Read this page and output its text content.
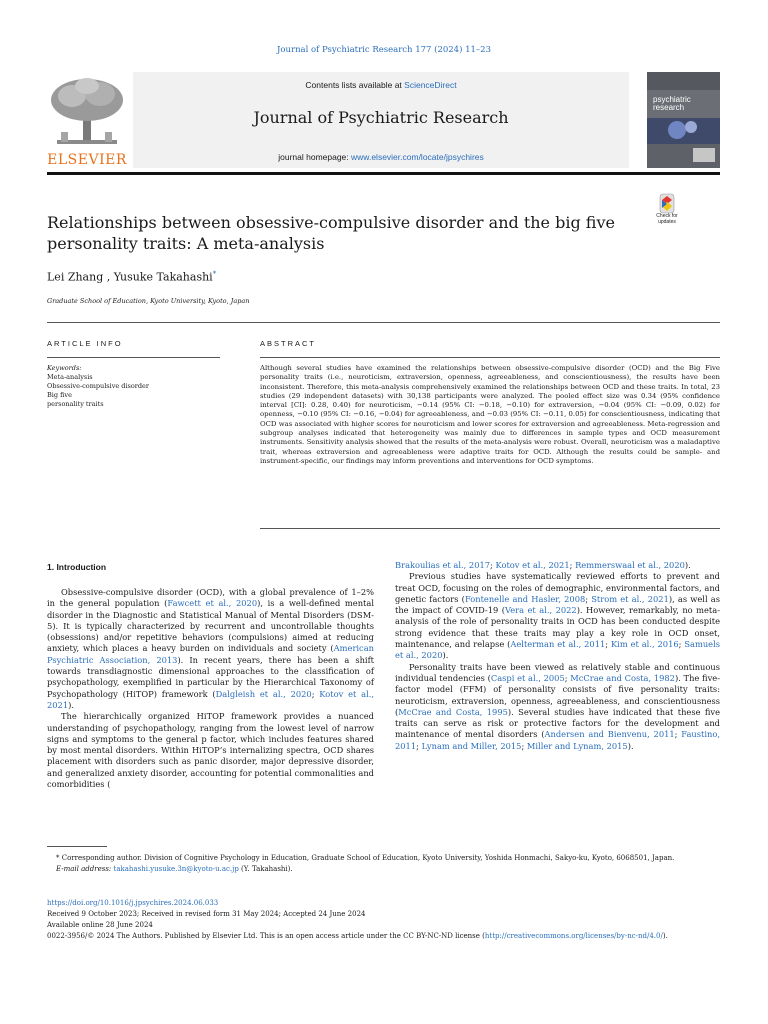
Journal of Psychiatric Research 177 (2024) 11–23
ELSEVIER
Contents lists available at ScienceDirect
Journal of Psychiatric Research
journal homepage: www.elsevier.com/locate/jpsychires
psychiatric research
Relationships between obsessive-compulsive disorder and the big five personality traits: A meta-analysis
Check for updates
Lei Zhang , Yusuke Takahashi*
Graduate School of Education, Kyoto University, Kyoto, Japan
ARTICLE INFO	ABSTRACT
Keywords:
Meta-analysis
Obsessive-compulsive disorder
Big five
personality traits
Although several studies have examined the relationships between obsessive-compulsive disorder (OCD) and the Big Five personality traits (i.e., neuroticism, extraversion, openness, agreeableness, and conscientiousness), the results have been inconsistent. Therefore, this meta-analysis comprehensively examined the relationships between OCD and these traits. In total, 23 studies (29 independent datasets) with 30,138 participants were analyzed. The pooled effect size was 0.34 (95% confidence interval [CI]: 0.28, 0.40) for neuroticism, −0.14 (95% CI: −0.18, −0.10) for extraversion, −0.04 (95% CI: −0.09, 0.02) for openness, −0.10 (95% CI: −0.16, −0.04) for agreeableness, and −0.03 (95% CI: −0.11, 0.05) for conscientiousness, indicating that OCD was associated with higher scores for neuroticism and lower scores for extraversion and agreeableness. Meta-regression and subgroup analyses indicated that heterogeneity was mainly due to differences in sample types and OCD measurement instruments. Sensitivity analysis showed that the results of the meta-analysis were robust. Overall, neuroticism was a maladaptive trait, whereas extraversion and agreeableness were adaptive traits for OCD. Although the results could be sample- and instrument-specific, our findings may inform preventions and interventions for OCD symptoms.
1. Introduction

Obsessive-compulsive disorder (OCD), with a global prevalence of 1–2% in the general population (Fawcett et al., 2020), is a well-defined mental disorder in the Diagnostic and Statistical Manual of Mental Disorders (DSM-5). It is typically characterized by recurrent and uncontrollable thoughts (obsessions) and/or repetitive behaviors (compulsions) aimed at reducing anxiety, which places a heavy burden on individuals and society (American Psychiatric Association, 2013). In recent years, there has been a shift towards transdiagnostic dimensional approaches to the classification of psychopathology, exemplified in particular by the Hierarchical Taxonomy of Psychopathology (HiTOP) framework (Dalgleish et al., 2020; Kotov et al., 2021).

The hierarchically organized HiTOP framework provides a nuanced understanding of psychopathology, ranging from the lowest level of narrow signs and symptoms to the general p factor, which includes features shared by most mental disorders. Within HiTOP’s internalizing spectra, OCD shares placement with disorders such as panic disorder, major depressive disorder, and generalized anxiety disorder, accounting for potential commonalities and comorbidities (

Brakoulias et al., 2017; Kotov et al., 2021; Remmerswaal et al., 2020).

Previous studies have systematically reviewed efforts to prevent and treat OCD, focusing on the roles of demographic, environmental factors, and genetic factors (Fontenelle and Hasler, 2008; Strom et al., 2021), as well as the impact of COVID-19 (Vera et al., 2022). However, remarkably, no meta-analysis of the role of personality traits in OCD has been conducted despite strong evidence that these traits may play a key role in OCD onset, maintenance, and relapse (Aelterman et al., 2011; Kim et al., 2016; Samuels et al., 2020).

Personality traits have been viewed as relatively stable and continuous individual tendencies (Caspi et al., 2005; McCrae and Costa, 1982). The five-factor model (FFM) of personality consists of five personality traits: neuroticism, extraversion, openness, agreeableness, and conscientiousness (McCrae and Costa, 1995). Several studies have indicated that these five traits can serve as risk or protective factors for the development and maintenance of mental disorders (Andersen and Bienvenu, 2011; Faustino, 2011; Lynam and Miller, 2015; Miller and Lynam, 2015).

* Corresponding author. Division of Cognitive Psychology in Education, Graduate School of Education, Kyoto University, Yoshida Honmachi, Sakyo-ku, Kyoto, 6068501, Japan.
E-mail address: takahashi.yusuke.3n@kyoto-u.ac.jp (Y. Takahashi).
https://doi.org/10.1016/j.jpsychires.2024.06.033
Received 9 October 2023; Received in revised form 31 May 2024; Accepted 24 June 2024
Available online 28 June 2024
0022-3956/© 2024 The Authors. Published by Elsevier Ltd. This is an open access article under the CC BY-NC-ND license (http://creativecommons.org/licenses/by-nc-nd/4.0/).
